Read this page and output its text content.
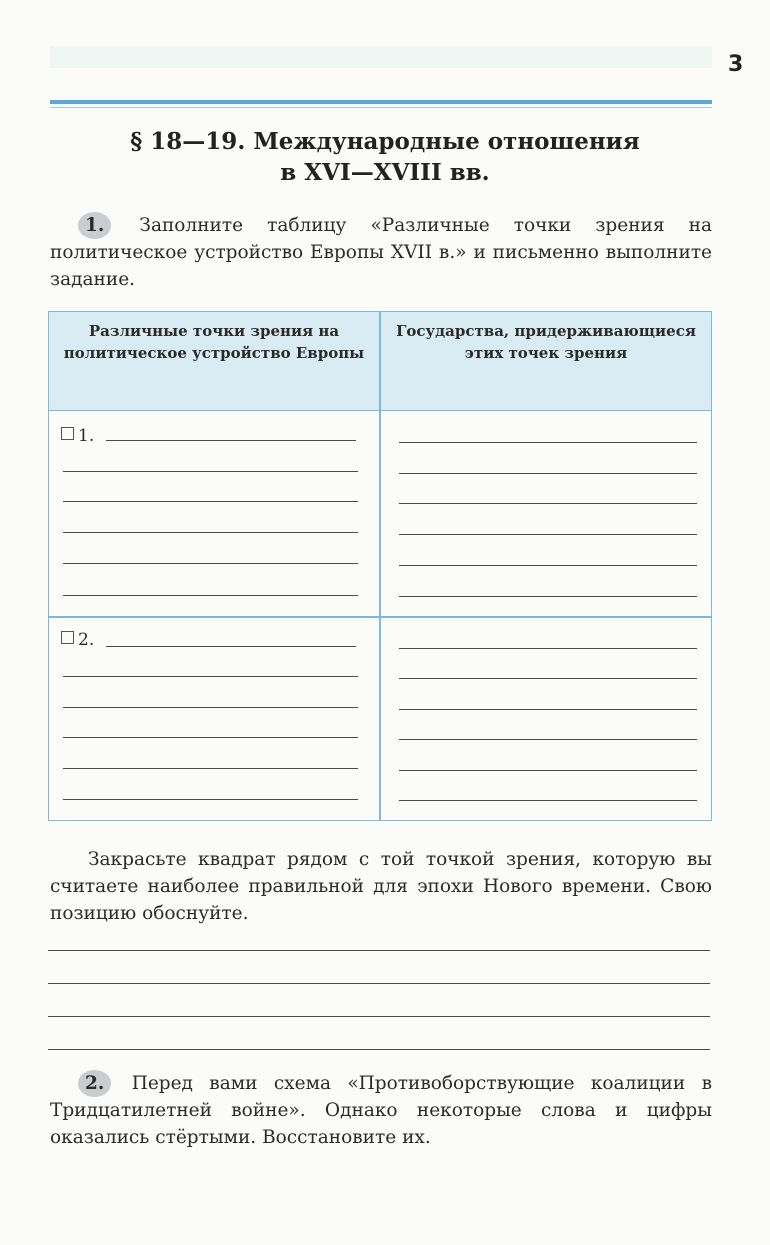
3
§ 18—19. Международные отношения
в XVI—XVIII вв.
1. Заполните таблицу «Различные точки зрения на политическое устройство Европы XVII в.» и письменно выполните задание.
Различные точки зрения на политическое устройство Европы
Государства, придерживающиеся этих точек зрения
1.
2.
Закрасьте квадрат рядом с той точкой зрения, которую вы считаете наиболее правильной для эпохи Нового времени. Свою позицию обоснуйте.
2. Перед вами схема «Противоборствующие коалиции в Тридцатилетней войне». Однако некоторые слова и цифры оказались стёртыми. Восстановите их.
